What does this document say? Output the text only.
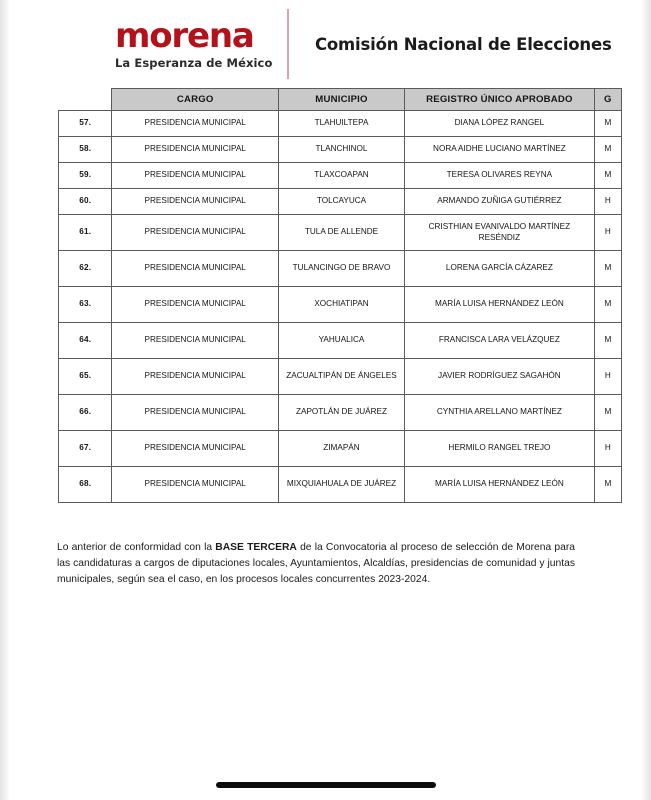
morena
La Esperanza de México
Comisión Nacional de Elecciones
	CARGO	MUNICIPIO	REGISTRO ÚNICO APROBADO	G
57.	PRESIDENCIA MUNICIPAL	TLAHUILTEPA	DIANA LÓPEZ RANGEL	M
58.	PRESIDENCIA MUNICIPAL	TLANCHINOL	NORA AIDHE LUCIANO MARTÍNEZ	M
59.	PRESIDENCIA MUNICIPAL	TLAXCOAPAN	TERESA OLIVARES REYNA	M
60.	PRESIDENCIA MUNICIPAL	TOLCAYUCA	ARMANDO ZUÑIGA GUTIÉRREZ	H
61.	PRESIDENCIA MUNICIPAL	TULA DE ALLENDE	CRISTHIAN EVANIVALDO MARTÍNEZ RESÉNDIZ	H
62.	PRESIDENCIA MUNICIPAL	TULANCINGO DE BRAVO	LORENA GARCÍA CÁZAREZ	M
63.	PRESIDENCIA MUNICIPAL	XOCHIATIPAN	MARÍA LUISA HERNÁNDEZ LEÓN	M
64.	PRESIDENCIA MUNICIPAL	YAHUALICA	FRANCISCA LARA VELÁZQUEZ	M
65.	PRESIDENCIA MUNICIPAL	ZACUALTIPÁN DE ÁNGELES	JAVIER RODRÍGUEZ SAGAHÓN	H
66.	PRESIDENCIA MUNICIPAL	ZAPOTLÁN DE JUÁREZ	CYNTHIA ARELLANO MARTÍNEZ	M
67.	PRESIDENCIA MUNICIPAL	ZIMAPÁN	HERMILO RANGEL TREJO	H
68.	PRESIDENCIA MUNICIPAL	MIXQUIAHUALA DE JUÁREZ	MARÍA LUISA HERNÁNDEZ LEÓN	M

Lo anterior de conformidad con la BASE TERCERA de la Convocatoria al proceso de selección de Morena para las candidaturas a cargos de diputaciones locales, Ayuntamientos, Alcaldías, presidencias de comunidad y juntas municipales, según sea el caso, en los procesos locales concurrentes 2023-2024.
